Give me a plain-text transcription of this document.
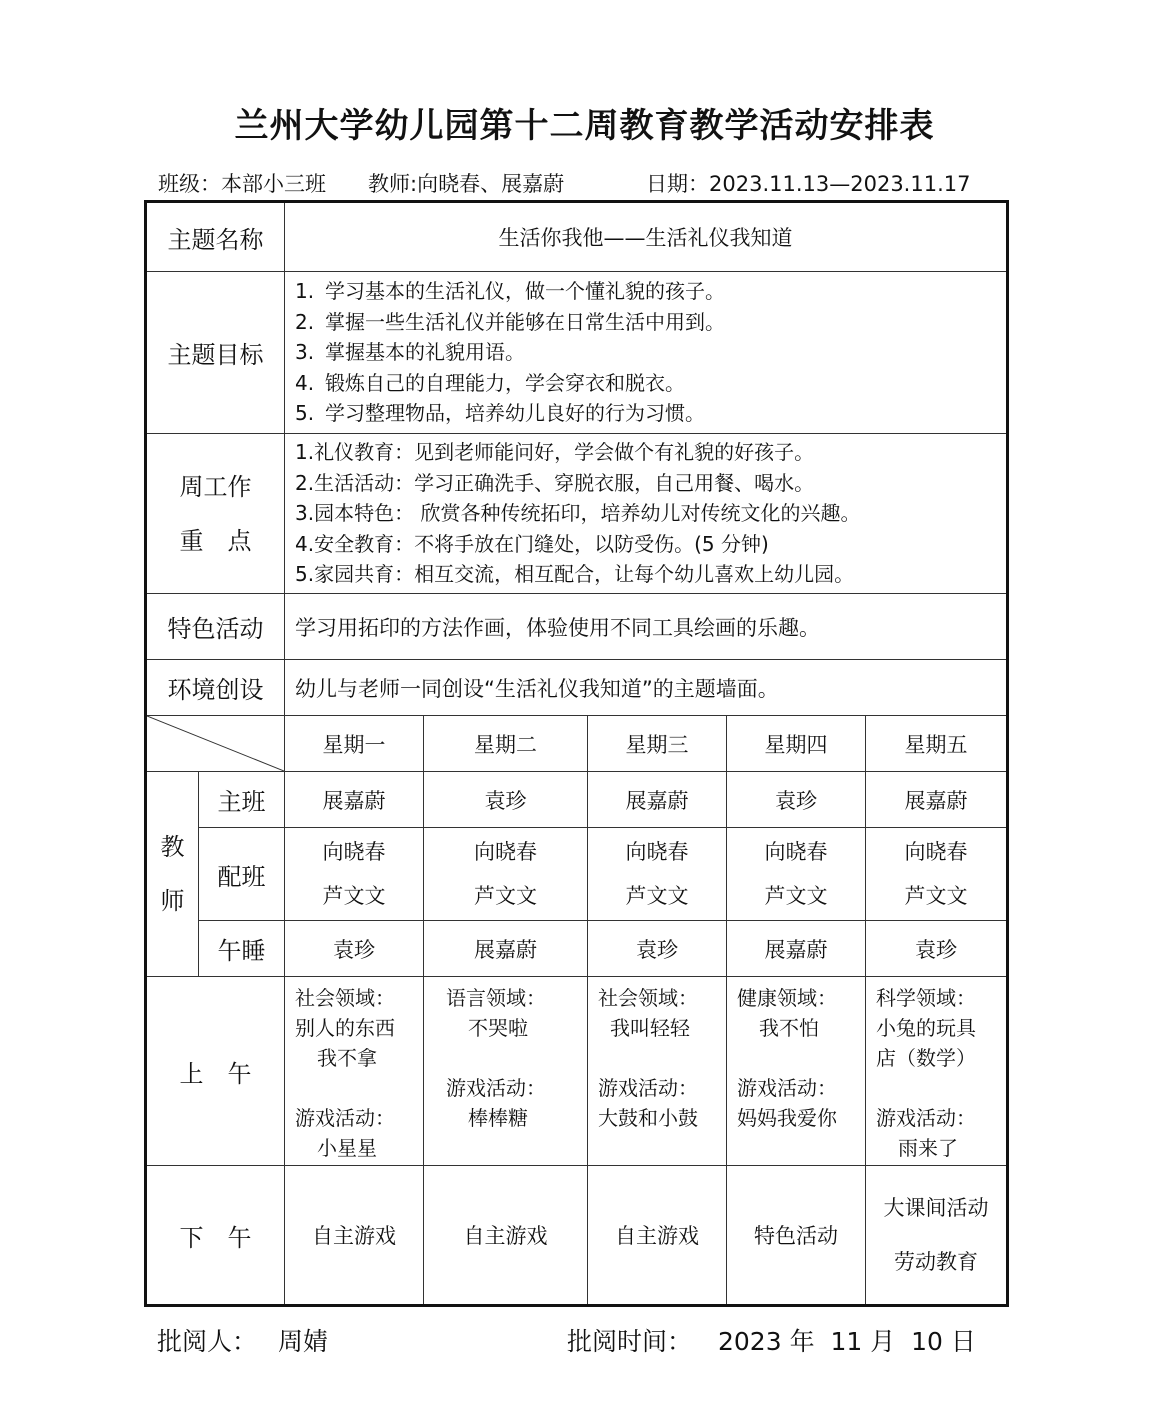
兰州大学幼儿园第十二周教育教学活动安排表
班级：本部小三班 教师:向晓春、展嘉蔚	日期：2023.11.13—2023.11.17
主题名称		生活你我他——生活礼仪我知道				
主题目标		1. 学习基本的生活礼仪，做一个懂礼貌的孩子。
2. 掌握一些生活礼仪并能够在日常生活中用到。
3. 掌握基本的礼貌用语。
4. 锻炼自己的自理能力，学会穿衣和脱衣。
5. 学习整理物品，培养幼儿良好的行为习惯。				

周工作
重　点		1.礼仪教育：见到老师能问好，学会做个有礼貌的好孩子。
2.生活活动：学习正确洗手、穿脱衣服，自己用餐、喝水。
3.园本特色： 欣赏各种传统拓印，培养幼儿对传统文化的兴趣。
4.安全教育：不将手放在门缝处，以防受伤。(5 分钟)
5.家园共育：相互交流，相互配合，让每个幼儿喜欢上幼儿园。				

特色活动		学习用拓印的方法作画，体验使用不同工具绘画的乐趣。				
环境创设		幼儿与老师一同创设“生活礼仪我知道”的主题墙面。				

	星期一	星期二	星期三	星期四	星期五

教
师	主班	展嘉蔚	袁珍	展嘉蔚	袁珍	展嘉蔚
	配班	向晓春
芦文文	向晓春
芦文文	向晓春
芦文文	向晓春
芦文文	向晓春
芦文文

	午睡	袁珍	展嘉蔚	袁珍	展嘉蔚	袁珍
上　午		社会领域：
别人的东西
我不拿
游戏活动：
小星星	语言领域：
不哭啦
游戏活动：
棒棒糖	社会领域：
我叫轻轻
游戏活动：
大鼓和小鼓	健康领域：
我不怕
游戏活动：
妈妈我爱你	科学领域：
小兔的玩具
店（数学）
游戏活动：
雨来了

下　午		自主游戏	自主游戏	自主游戏	特色活动	大课间活动
劳动教育
批阅人： 周婧	批阅时间： 2023 年  11 月  10 日
